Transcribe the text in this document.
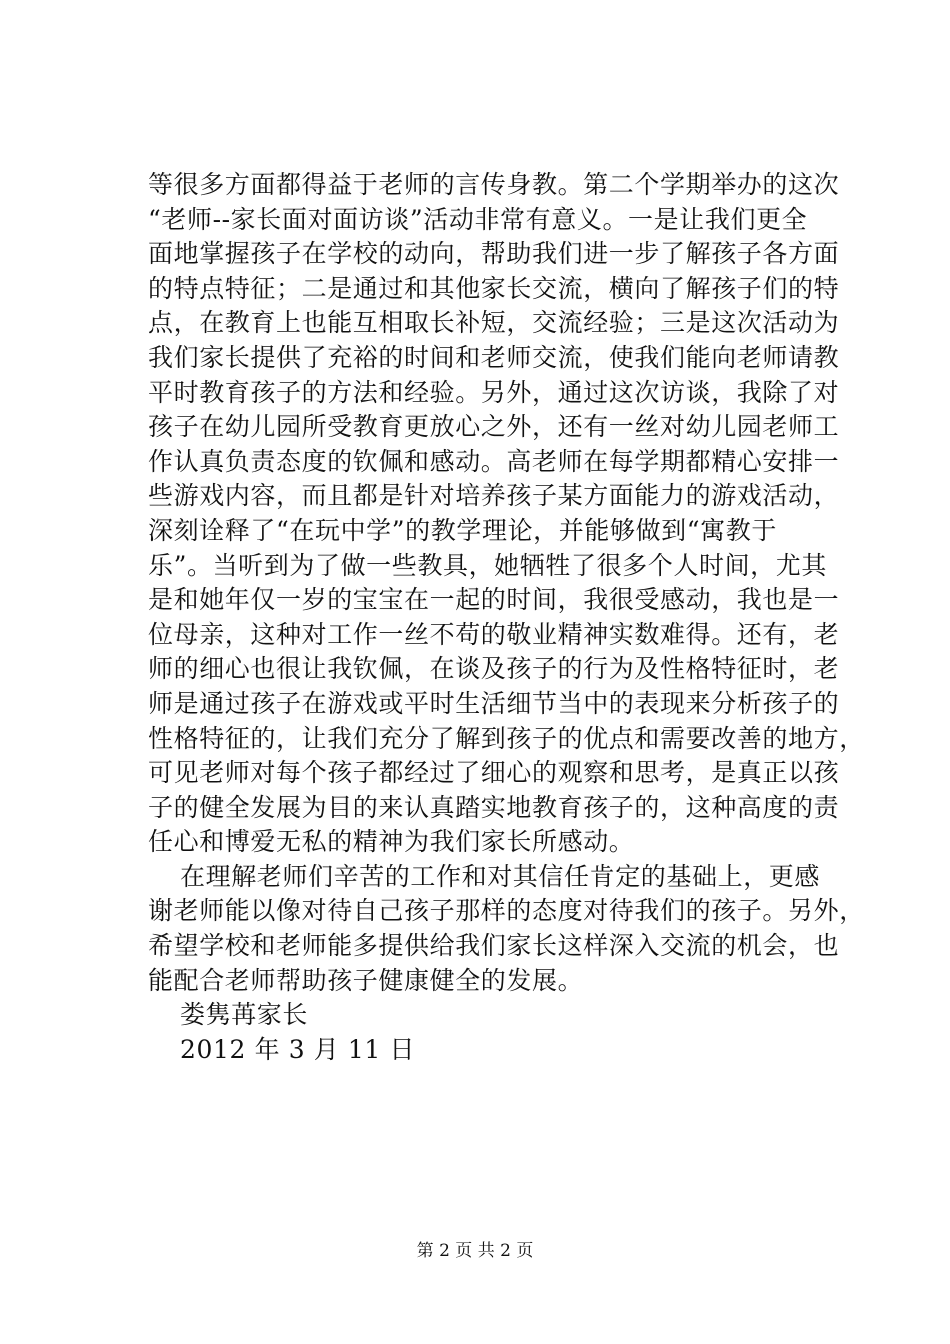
等很多方面都得益于老师的言传身教。第二个学期举办的这次
“老师--家长面对面访谈”活动非常有意义。一是让我们更全
面地掌握孩子在学校的动向，帮助我们进一步了解孩子各方面
的特点特征；二是通过和其他家长交流，横向了解孩子们的特
点，在教育上也能互相取长补短，交流经验；三是这次活动为
我们家长提供了充裕的时间和老师交流，使我们能向老师请教
平时教育孩子的方法和经验。另外，通过这次访谈，我除了对
孩子在幼儿园所受教育更放心之外，还有一丝对幼儿园老师工
作认真负责态度的钦佩和感动。高老师在每学期都精心安排一
些游戏内容，而且都是针对培养孩子某方面能力的游戏活动，
深刻诠释了“在玩中学”的教学理论，并能够做到“寓教于
乐”。当听到为了做一些教具，她牺牲了很多个人时间，尤其
是和她年仅一岁的宝宝在一起的时间，我很受感动，我也是一
位母亲，这种对工作一丝不苟的敬业精神实数难得。还有，老
师的细心也很让我钦佩，在谈及孩子的行为及性格特征时，老
师是通过孩子在游戏或平时生活细节当中的表现来分析孩子的
性格特征的，让我们充分了解到孩子的优点和需要改善的地方，
可见老师对每个孩子都经过了细心的观察和思考，是真正以孩
子的健全发展为目的来认真踏实地教育孩子的，这种高度的责
任心和博爱无私的精神为我们家长所感动。
在理解老师们辛苦的工作和对其信任肯定的基础上，更感
谢老师能以像对待自己孩子那样的态度对待我们的孩子。另外，
希望学校和老师能多提供给我们家长这样深入交流的机会，也
能配合老师帮助孩子健康健全的发展。
娄隽苒家长
2012 年 3 月 11 日
第 2 页 共 2 页
